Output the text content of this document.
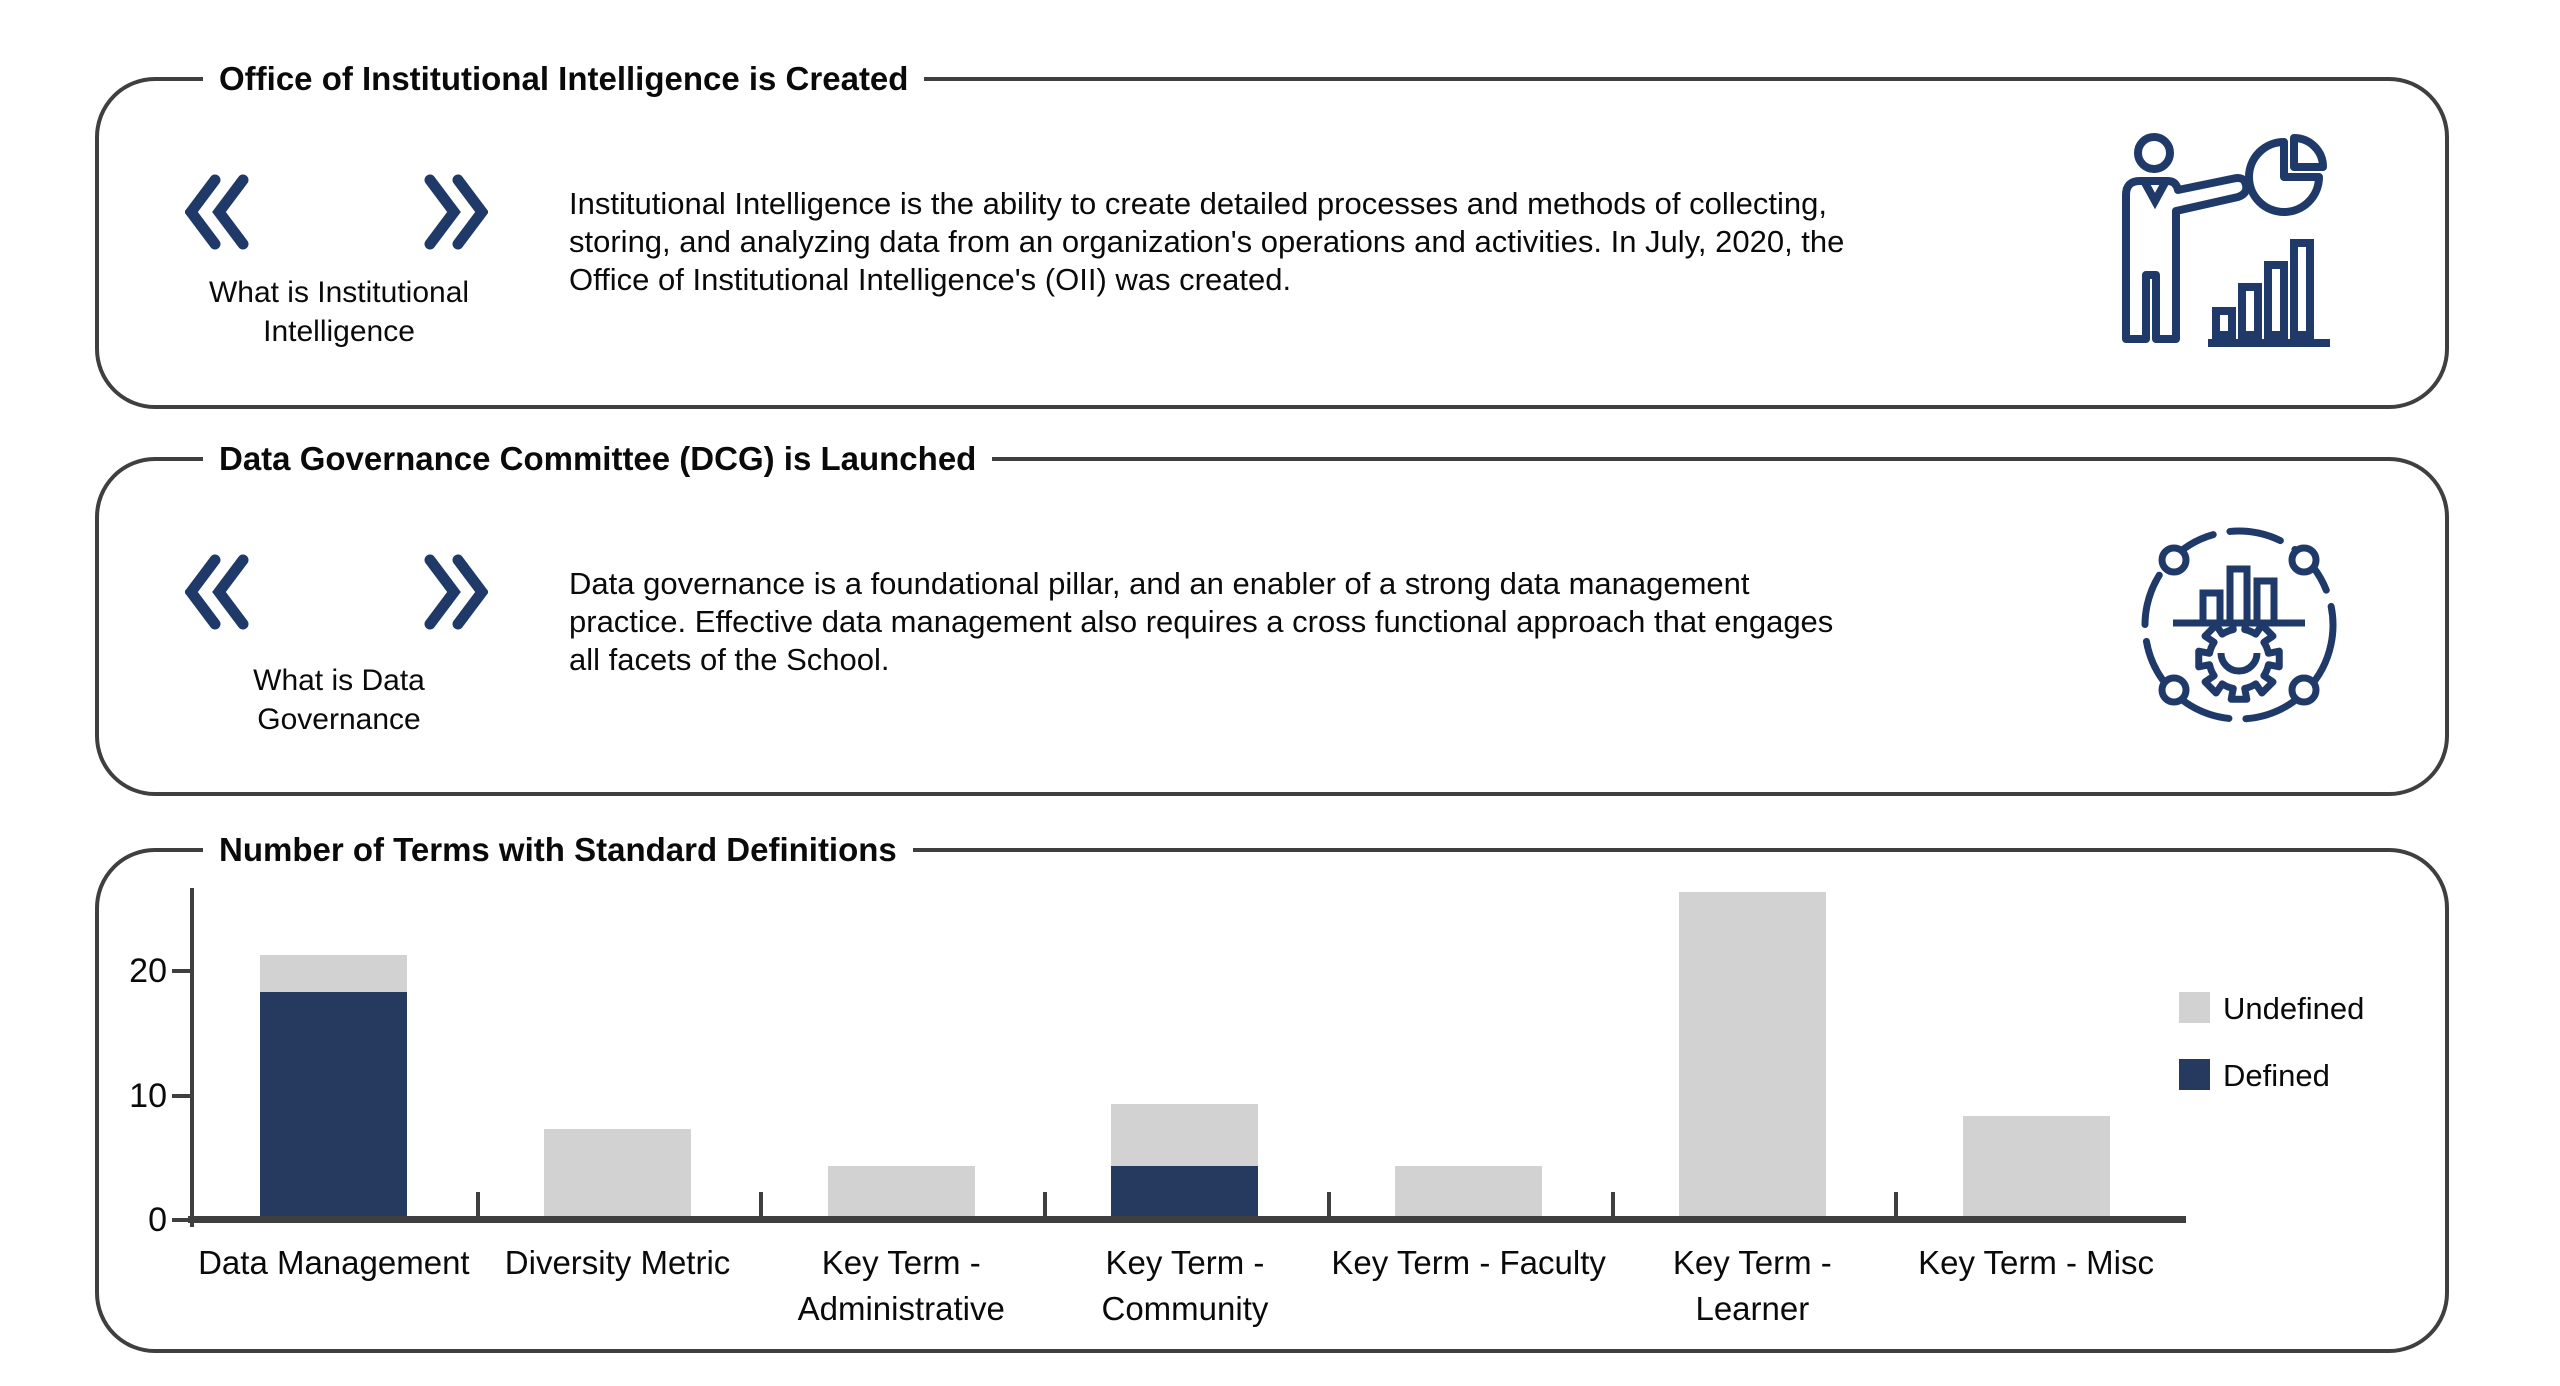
Office of Institutional Intelligence is Created
What is Institutional
Intelligence
Institutional Intelligence is the ability to create detailed processes and methods of collecting,
storing, and analyzing data from an organization's operations and activities. In July, 2020, the
Office of Institutional Intelligence's (OII) was created.
Data Governance Committee (DCG) is Launched
What is Data
Governance
Data governance is a foundational pillar, and an enabler of a strong data management
practice. Effective data management also requires a cross functional approach that engages
all facets of the School.
Number of Terms with Standard Definitions
0
10
20
Data Management	Diversity Metric	Key Term -
Administrative
Key Term -
Community
Key Term - Faculty	Key Term -
Learner
Key Term - Misc
Undefined
Defined
